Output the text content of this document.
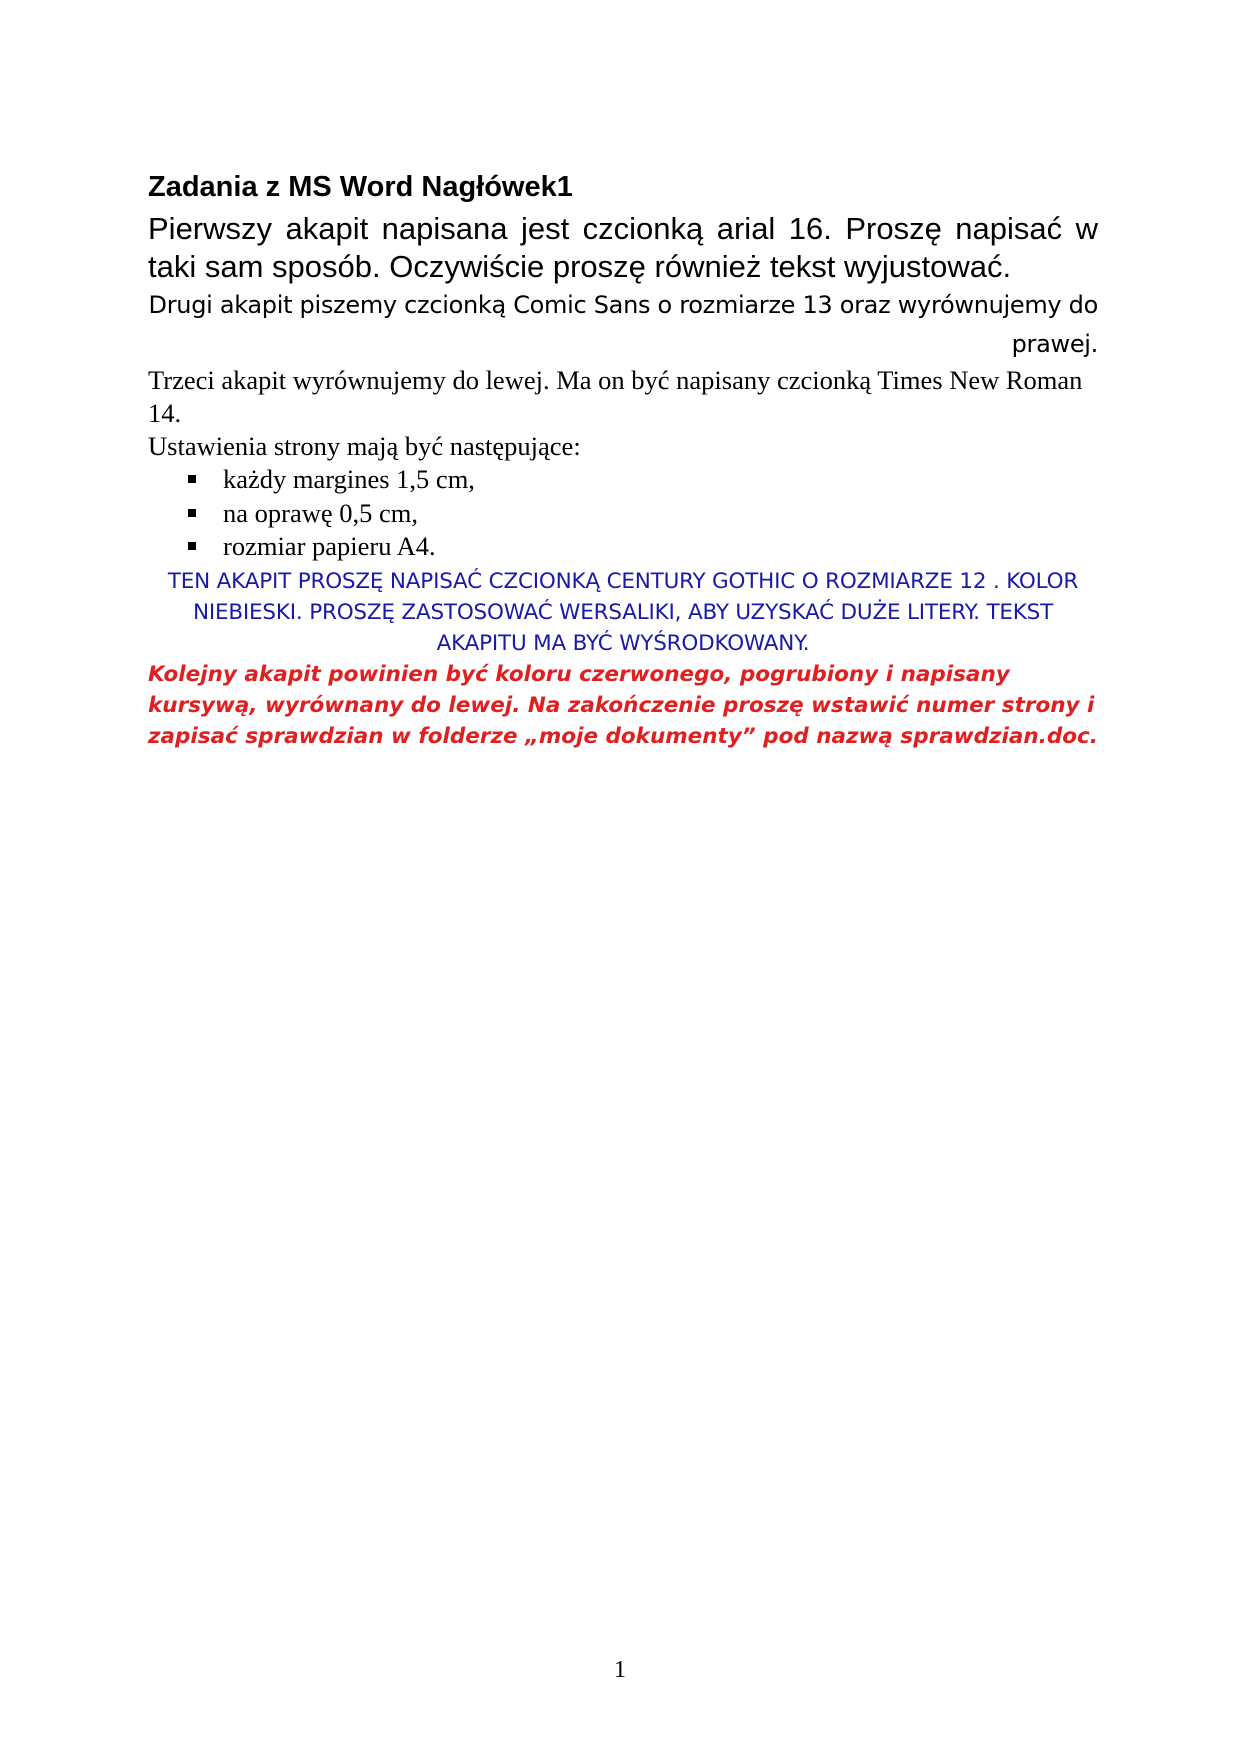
Zadania z MS Word Nagłówek1

Pierwszy akapit napisana jest czcionką arial 16. Proszę napisać w taki sam sposób. Oczywiście proszę również tekst wyjustować.

Drugi akapit piszemy czcionką Comic Sans o rozmiarze 13 oraz wyrównujemy do prawej.

Trzeci akapit wyrównujemy do lewej. Ma on być napisany czcionką Times New Roman 14.

Ustawienia strony mają być następujące:

każdy margines 1,5 cm,
na oprawę 0,5 cm,
rozmiar papieru A4.

TEN AKAPIT PROSZĘ NAPISAĆ CZCIONKĄ CENTURY GOTHIC O ROZMIARZE 12 . KOLOR NIEBIESKI. PROSZĘ ZASTOSOWAĆ WERSALIKI, ABY UZYSKAĆ DUŻE LITERY. TEKST AKAPITU MA BYĆ WYŚRODKOWANY.

Kolejny akapit powinien być koloru czerwonego, pogrubiony i napisany kursywą, wyrównany do lewej. Na zakończenie proszę wstawić numer strony i zapisać sprawdzian w folderze „moje dokumenty” pod nazwą sprawdzian.doc.

1
